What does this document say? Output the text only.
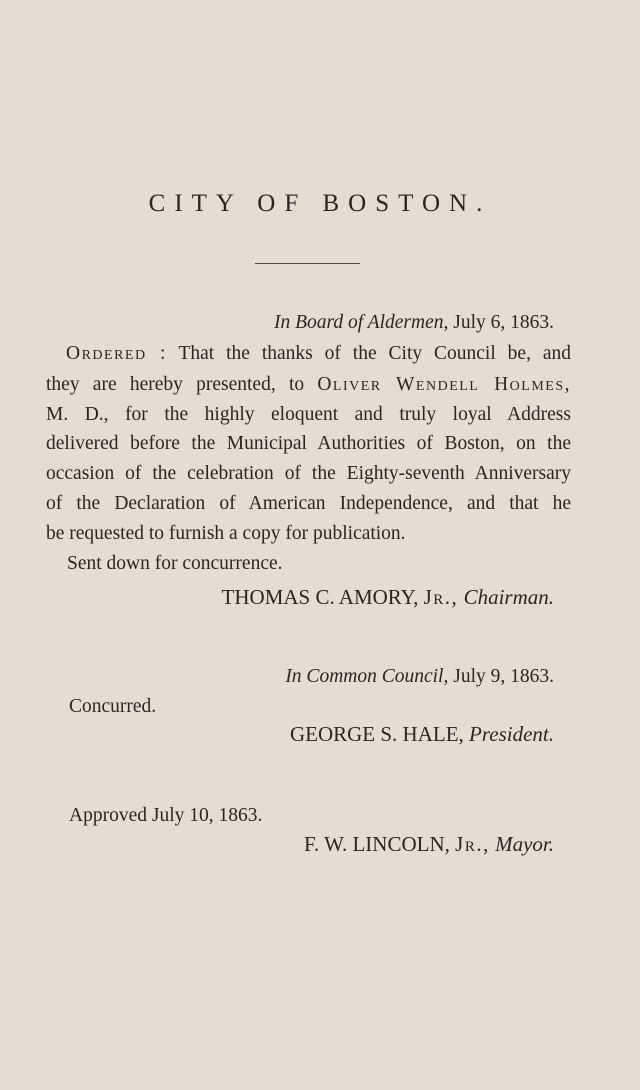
CITY OF BOSTON.
In Board of Aldermen, July 6, 1863.
Ordered : That the thanks of the City Council be, and
they are hereby presented, to Oliver Wendell Holmes,
M. D., for the highly eloquent and truly loyal Address
delivered before the Municipal Authorities of Boston, on the
occasion of the celebration of the Eighty-seventh Anniversary
of the Declaration of American Independence, and that he
be requested to furnish a copy for publication.
Sent down for concurrence.
THOMAS C. AMORY, Jr., Chairman.
In Common Council, July 9, 1863.
Concurred.
GEORGE S. HALE, President.
Approved July 10, 1863.
F. W. LINCOLN, Jr., Mayor.
